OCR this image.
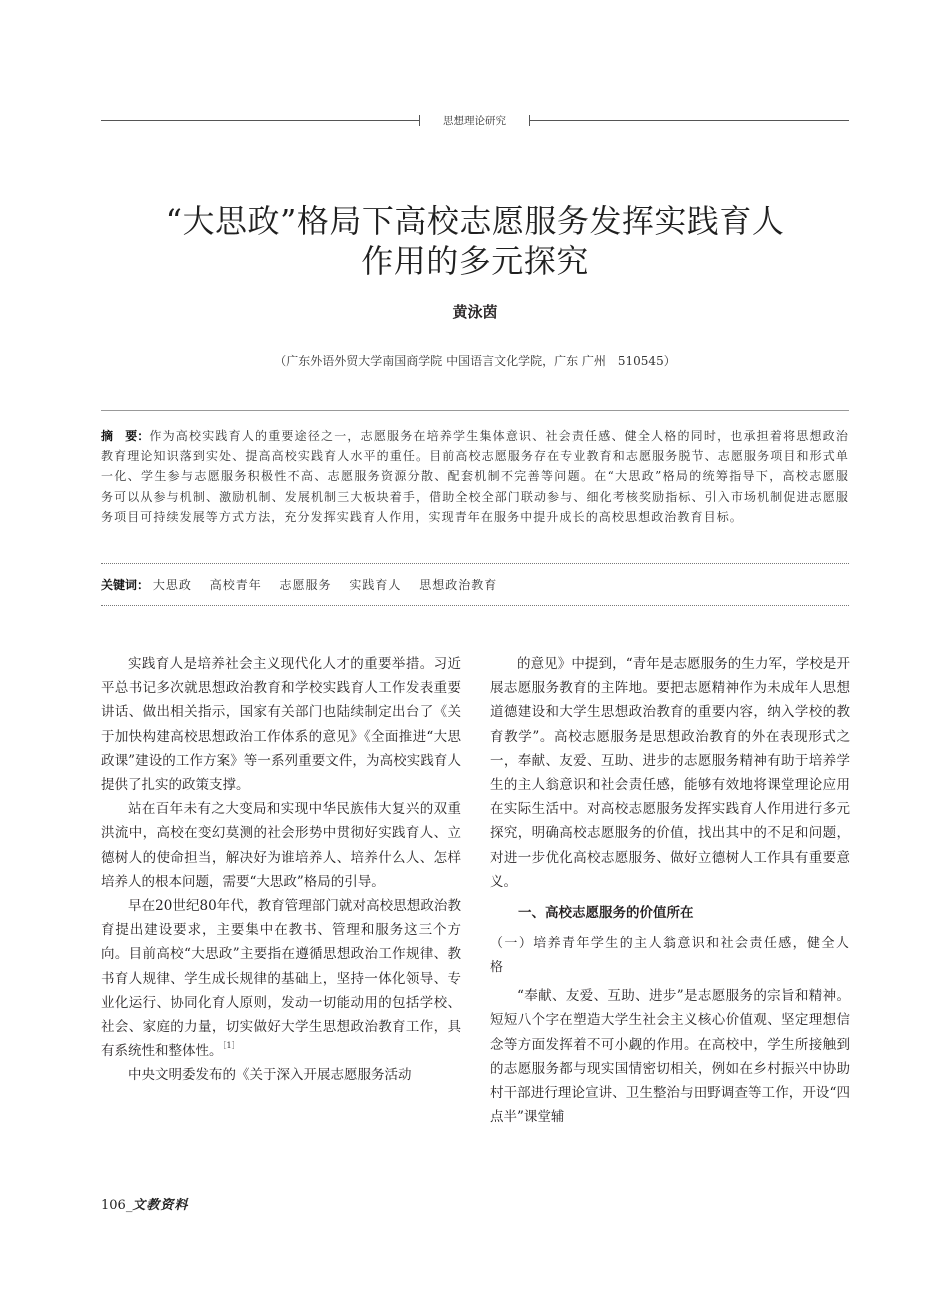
思想理论研究
“大思政”格局下高校志愿服务发挥实践育人
作用的多元探究
黄泳茵
（广东外语外贸大学南国商学院 中国语言文化学院，广东 广州　510545）
摘　要：作为高校实践育人的重要途径之一，志愿服务在培养学生集体意识、社会责任感、健全人格的同时，也承担着将思想政治教育理论知识落到实处、提高高校实践育人水平的重任。目前高校志愿服务存在专业教育和志愿服务脱节、志愿服务项目和形式单一化、学生参与志愿服务积极性不高、志愿服务资源分散、配套机制不完善等问题。在“大思政”格局的统筹指导下，高校志愿服务可以从参与机制、激励机制、发展机制三大板块着手，借助全校全部门联动参与、细化考核奖励指标、引入市场机制促进志愿服务项目可持续发展等方式方法，充分发挥实践育人作用，实现青年在服务中提升成长的高校思想政治教育目标。
关键词： 大思政 高校青年 志愿服务 实践育人 思想政治教育

实践育人是培养社会主义现代化人才的重要举措。习近平总书记多次就思想政治教育和学校实践育人工作发表重要讲话、做出相关指示，国家有关部门也陆续制定出台了《关于加快构建高校思想政治工作体系的意见》《全面推进“大思政课”建设的工作方案》等一系列重要文件，为高校实践育人提供了扎实的政策支撑。

站在百年未有之大变局和实现中华民族伟大复兴的双重洪流中，高校在变幻莫测的社会形势中贯彻好实践育人、立德树人的使命担当，解决好为谁培养人、培养什么人、怎样培养人的根本问题，需要“大思政”格局的引导。

早在20世纪80年代，教育管理部门就对高校思想政治教育提出建设要求，主要集中在教书、管理和服务这三个方向。目前高校“大思政”主要指在遵循思想政治工作规律、教书育人规律、学生成长规律的基础上，坚持一体化领导、专业化运行、协同化育人原则，发动一切能动用的包括学校、社会、家庭的力量，切实做好大学生思想政治教育工作，具有系统性和整体性。$^{[1]}$

中央文明委发布的《关于深入开展志愿服务活动

的意见》中提到，“青年是志愿服务的生力军，学校是开展志愿服务教育的主阵地。要把志愿精神作为未成年人思想道德建设和大学生思想政治教育的重要内容，纳入学校的教育教学”。高校志愿服务是思想政治教育的外在表现形式之一，奉献、友爱、互助、进步的志愿服务精神有助于培养学生的主人翁意识和社会责任感，能够有效地将课堂理论应用在实际生活中。对高校志愿服务发挥实践育人作用进行多元探究，明确高校志愿服务的价值，找出其中的不足和问题，对进一步优化高校志愿服务、做好立德树人工作具有重要意义。

一、高校志愿服务的价值所在

（一）培养青年学生的主人翁意识和社会责任感，健全人格

“奉献、友爱、互助、进步”是志愿服务的宗旨和精神。短短八个字在塑造大学生社会主义核心价值观、坚定理想信念等方面发挥着不可小觑的作用。在高校中，学生所接触到的志愿服务都与现实国情密切相关，例如在乡村振兴中协助村干部进行理论宣讲、卫生整治与田野调查等工作，开设“四点半”课堂辅

106_文教资料
